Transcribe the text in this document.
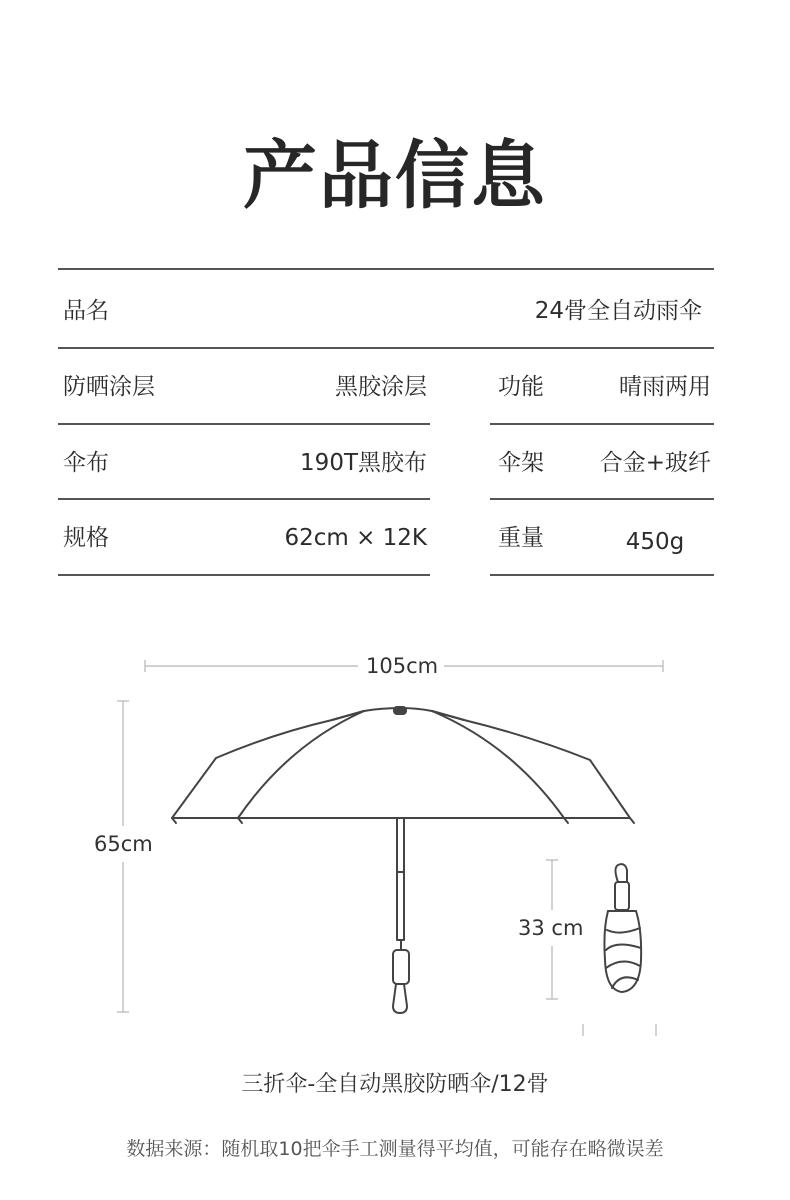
产品信息
品名	24骨全自动雨伞
防晒涂层	黑胶涂层	功能	晴雨两用
伞布	190T黑胶布	伞架	合金+玻纤
规格	62cm × 12K	重量	450g
105cm
65cm
33 cm
三折伞-全自动黑胶防晒伞/12骨
数据来源：随机取10把伞手工测量得平均值，可能存在略微误差
